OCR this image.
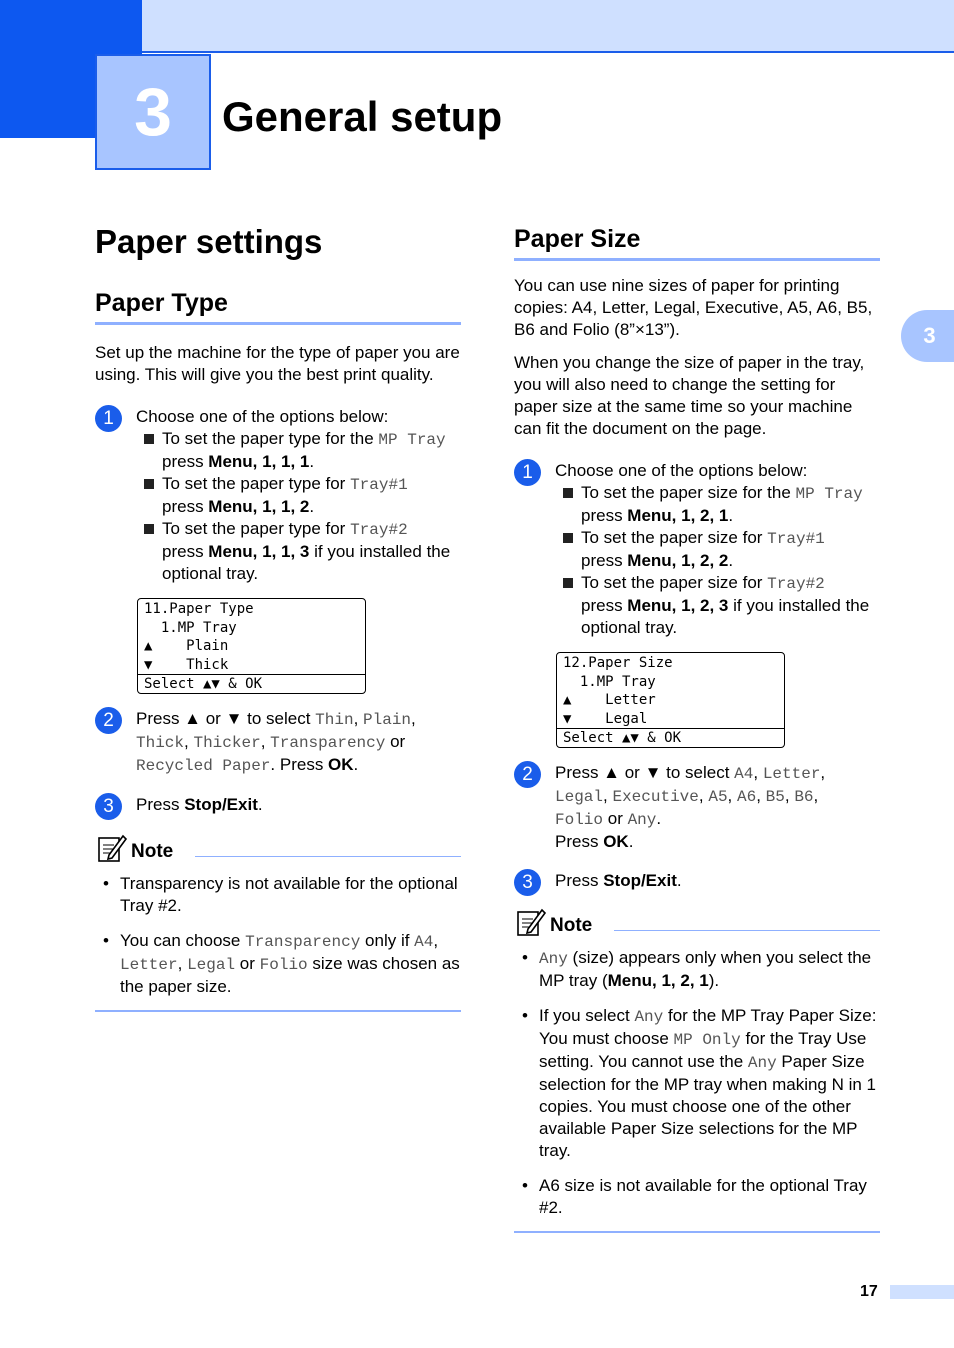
3	General setup
3
Paper settings
Paper Type

Set up the machine for the type of paper you are using. This will give you the best print quality.

1	Choose one of the options below:
To set the paper type for the MP Tray press Menu, 1, 1, 1.
To set the paper type for Tray#1
press Menu, 1, 1, 2.
To set the paper type for Tray#2
press Menu, 1, 1, 3 if you installed the optional tray.
11.Paper Type
1.MP Tray
▲    Plain
▼    Thick
Select ▲▼ & OK
2	Press ▲ or ▼ to select Thin, Plain, Thick, Thicker, Transparency or Recycled Paper. Press OK.
3	Press Stop/Exit.
Note
• Transparency is not available for the optional Tray #2.
• You can choose Transparency only if A4, Letter, Legal or Folio size was chosen as the paper size.
Paper Size

You can use nine sizes of paper for printing copies: A4, Letter, Legal, Executive, A5, A6, B5, B6 and Folio (8”×13”).

When you change the size of paper in the tray, you will also need to change the setting for paper size at the same time so your machine can fit the document on the page.

1	Choose one of the options below:
To set the paper size for the MP Tray press Menu, 1, 2, 1.
To set the paper size for Tray#1
press Menu, 1, 2, 2.
To set the paper size for Tray#2
press Menu, 1, 2, 3 if you installed the optional tray.
12.Paper Size
1.MP Tray
▲    Letter
▼    Legal
Select ▲▼ & OK
2	Press ▲ or ▼ to select A4, Letter,
Legal, Executive, A5, A6, B5, B6,
Folio or Any.
Press OK.
3	Press Stop/Exit.
Note
• Any (size) appears only when you select the MP tray (Menu, 1, 2, 1).
• If you select Any for the MP Tray Paper Size: You must choose MP Only for the Tray Use setting. You cannot use the Any Paper Size selection for the MP tray when making N in 1 copies. You must choose one of the other available Paper Size selections for the MP tray.
• A6 size is not available for the optional Tray #2.
17
